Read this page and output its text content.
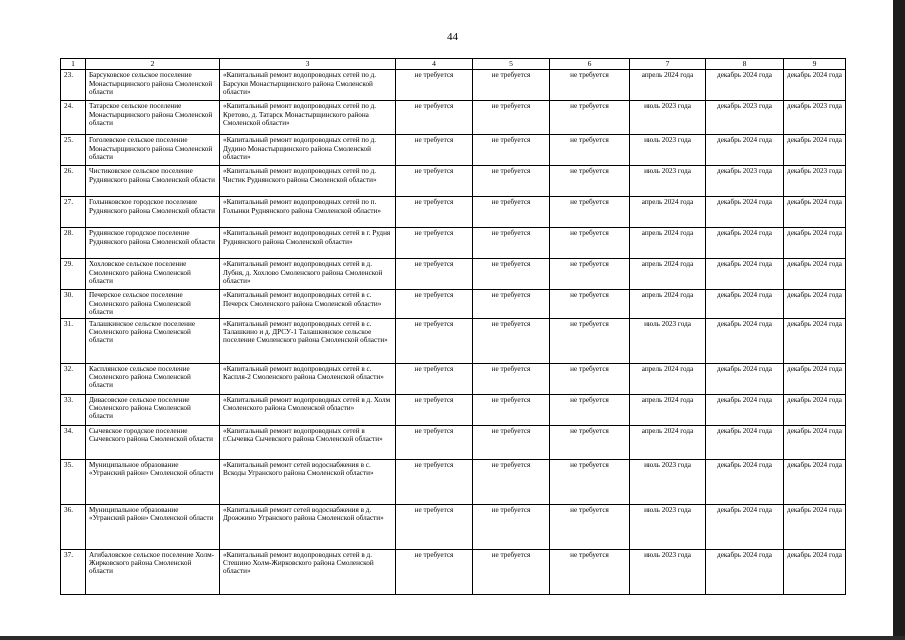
44
1	2	3	4	5	6	7	8	9
23.	Барсуковское сельское поселение Монастырщинского района Смоленской области	«Капитальный ремонт водопроводных сетей по д. Барсуки Монастырщинского района Смоленской области»	не требуется	не требуется	не требуется	апрель 2024 года	декабрь 2024 года	декабрь 2024 года
24.	Татарское сельское поселение Монастырщинского района Смоленской области	«Капитальный ремонт водопроводных сетей по д. Кретово, д. Татарск Монастырщинского района Смоленской области»	не требуется	не требуется	не требуется	июль 2023 года	декабрь 2023 года	декабрь 2023 года
25.	Гоголевское сельское поселение Монастырщинского района Смоленской области	«Капитальный ремонт водопроводных сетей по д. Дудино Монастырщинского района Смоленской области»	не требуется	не требуется	не требуется	июль 2023 года	декабрь 2024 года	декабрь 2024 года
26.	Чистиковское сельское поселение Руднянского района Смоленской области	«Капитальный ремонт водопроводных сетей по д. Чистик Руднянского района Смоленской области»	не требуется	не требуется	не требуется	июль 2023 года	декабрь 2023 года	декабрь 2023 года
27.	Голынковское городское поселение Руднянского района Смоленской области	«Капитальный ремонт водопроводных сетей по п. Голынки Руднянского района Смоленской области»	не требуется	не требуется	не требуется	апрель 2024 года	декабрь 2024 года	декабрь 2024 года
28.	Руднянское городское поселение Руднянского района Смоленской области	«Капитальный ремонт водопроводных сетей в г. Рудня Руднянского района Смоленской области»	не требуется	не требуется	не требуется	апрель 2024 года	декабрь 2024 года	декабрь 2024 года
29.	Хохловское сельское поселение Смоленского района Смоленской области	«Капитальный ремонт водопроводных сетей в д. Лубня, д. Хохлово Смоленского района Смоленской области»	не требуется	не требуется	не требуется	апрель 2024 года	декабрь 2024 года	декабрь 2024 года
30.	Печерское сельское поселение Смоленского района Смоленской области	«Капитальный ремонт водопроводных сетей в с. Печерск Смоленского района Смоленской области»	не требуется	не требуется	не требуется	апрель 2024 года	декабрь 2024 года	декабрь 2024 года
31.	Талашкинское сельское поселение Смоленского района Смоленской области	«Капитальный ремонт водопроводных сетей в с. Талашкино и д. ДРСУ-1 Талашкинское сельское поселение Смоленского района Смоленской области»	не требуется	не требуется	не требуется	июль 2023 года	декабрь 2024 года	декабрь 2024 года
32.	Касплянское сельское поселение Смоленского района Смоленской области	«Капитальный ремонт водопроводных сетей в с. Каспля-2 Смоленского района Смоленской области»	не требуется	не требуется	не требуется	апрель 2024 года	декабрь 2024 года	декабрь 2024 года
33.	Дивасовское сельское поселение Смоленского района Смоленской области	«Капитальный ремонт водопроводных сетей в д. Холм Смоленского района Смоленской области»	не требуется	не требуется	не требуется	апрель 2024 года	декабрь 2024 года	декабрь 2024 года
34.	Сычевское городское поселение Сычевского района Смоленской области	«Капитальный ремонт водопроводных сетей в г.Сычевка Сычевского района Смоленской области»	не требуется	не требуется	не требуется	апрель 2024 года	декабрь 2024 года	декабрь 2024 года
35.	Муниципальное образование «Угранский район» Смоленской области	«Капитальный ремонт сетей водоснабжения в с. Вскоды Угранского района Смоленской области»	не требуется	не требуется	не требуется	июль 2023 года	декабрь 2024 года	декабрь 2024 года
36.	Муниципальное образование «Угранский район» Смоленской области	«Капитальный ремонт сетей водоснабжения в д. Дрожжино Угранского района Смоленской области»	не требуется	не требуется	не требуется	июль 2023 года	декабрь 2024 года	декабрь 2024 года
37.	Агибаловское сельское поселение Холм-Жирковского района Смоленской области	«Капитальный ремонт водопроводных сетей в д. Стешино Холм-Жирковского района Смоленской области»	не требуется	не требуется	не требуется	июль 2023 года	декабрь 2024 года	декабрь 2024 года
